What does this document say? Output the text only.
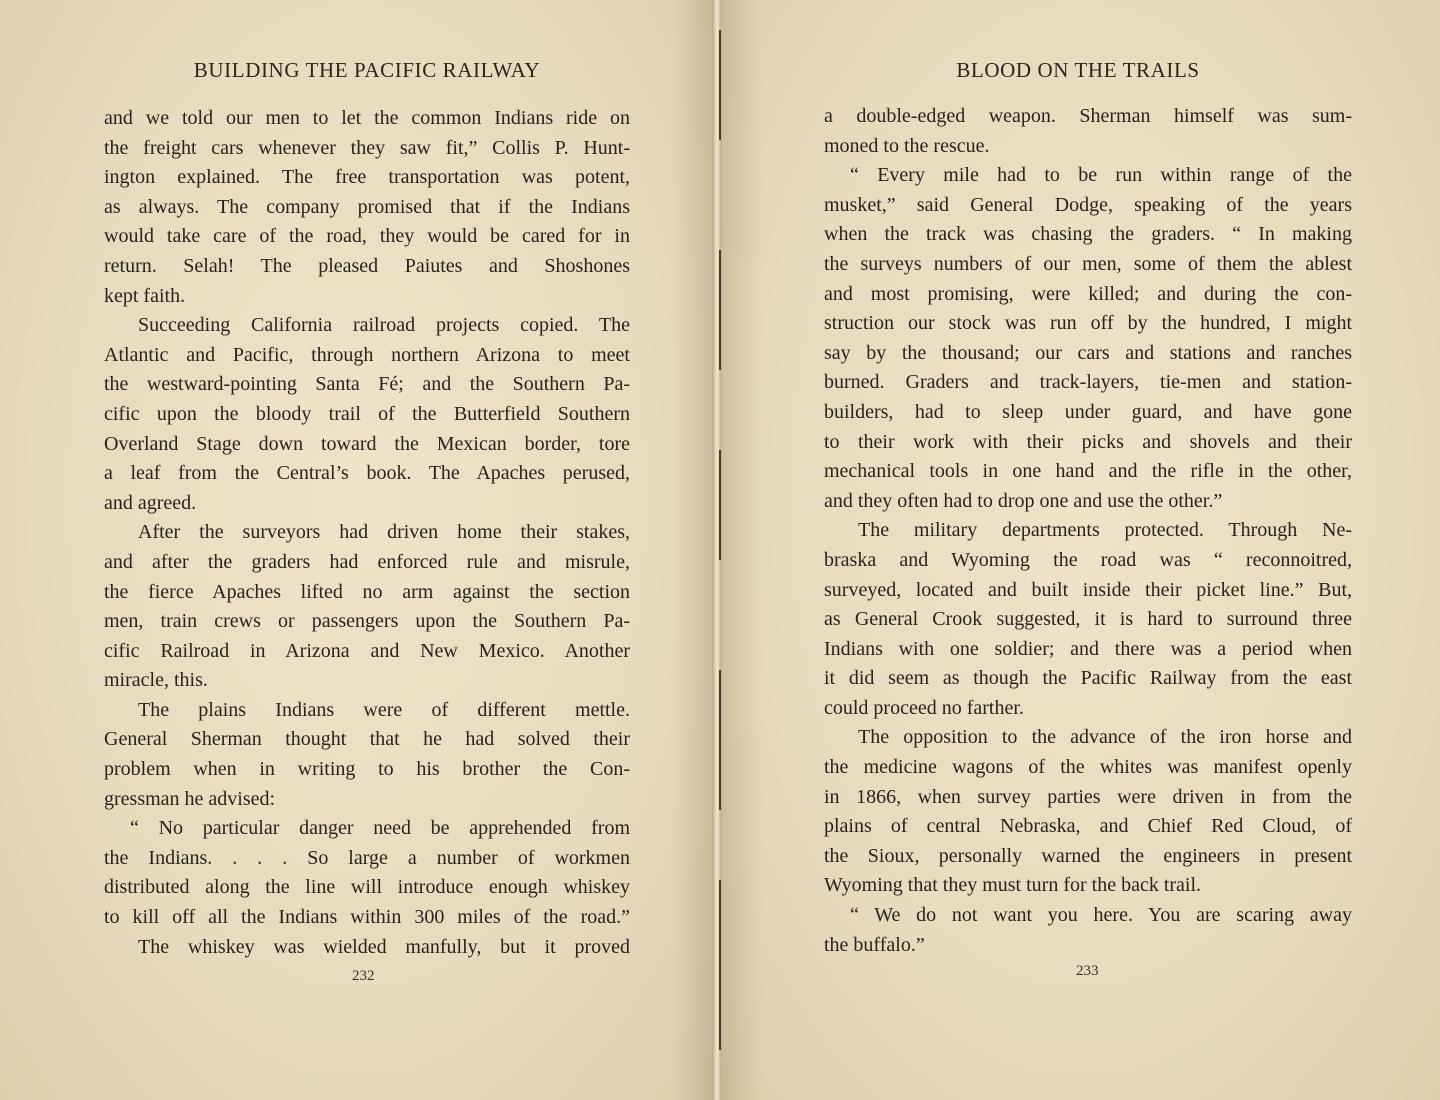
BUILDING THE PACIFIC RAILWAY
and we told our men to let the common Indians ride on
the freight cars whenever they saw fit,” Collis P. Hunt-
ington explained. The free transportation was potent,
as always. The company promised that if the Indians
would take care of the road, they would be cared for in
return. Selah! The pleased Paiutes and Shoshones
kept faith.
Succeeding California railroad projects copied. The
Atlantic and Pacific, through northern Arizona to meet
the westward-pointing Santa Fé; and the Southern Pa-
cific upon the bloody trail of the Butterfield Southern
Overland Stage down toward the Mexican border, tore
a leaf from the Central’s book. The Apaches perused,
and agreed.
After the surveyors had driven home their stakes,
and after the graders had enforced rule and misrule,
the fierce Apaches lifted no arm against the section
men, train crews or passengers upon the Southern Pa-
cific Railroad in Arizona and New Mexico. Another
miracle, this.
The plains Indians were of different mettle.
General Sherman thought that he had solved their
problem when in writing to his brother the Con-
gressman he advised:
“ No particular danger need be apprehended from
the Indians. . . . So large a number of workmen
distributed along the line will introduce enough whiskey
to kill off all the Indians within 300 miles of the road.”
The whiskey was wielded manfully, but it proved
232
BLOOD ON THE TRAILS
a double-edged weapon. Sherman himself was sum-
moned to the rescue.
“ Every mile had to be run within range of the
musket,” said General Dodge, speaking of the years
when the track was chasing the graders. “ In making
the surveys numbers of our men, some of them the ablest
and most promising, were killed; and during the con-
struction our stock was run off by the hundred, I might
say by the thousand; our cars and stations and ranches
burned. Graders and track-layers, tie-men and station-
builders, had to sleep under guard, and have gone
to their work with their picks and shovels and their
mechanical tools in one hand and the rifle in the other,
and they often had to drop one and use the other.”
The military departments protected. Through Ne-
braska and Wyoming the road was “ reconnoitred,
surveyed, located and built inside their picket line.” But,
as General Crook suggested, it is hard to surround three
Indians with one soldier; and there was a period when
it did seem as though the Pacific Railway from the east
could proceed no farther.
The opposition to the advance of the iron horse and
the medicine wagons of the whites was manifest openly
in 1866, when survey parties were driven in from the
plains of central Nebraska, and Chief Red Cloud, of
the Sioux, personally warned the engineers in present
Wyoming that they must turn for the back trail.
“ We do not want you here. You are scaring away
the buffalo.”
233
